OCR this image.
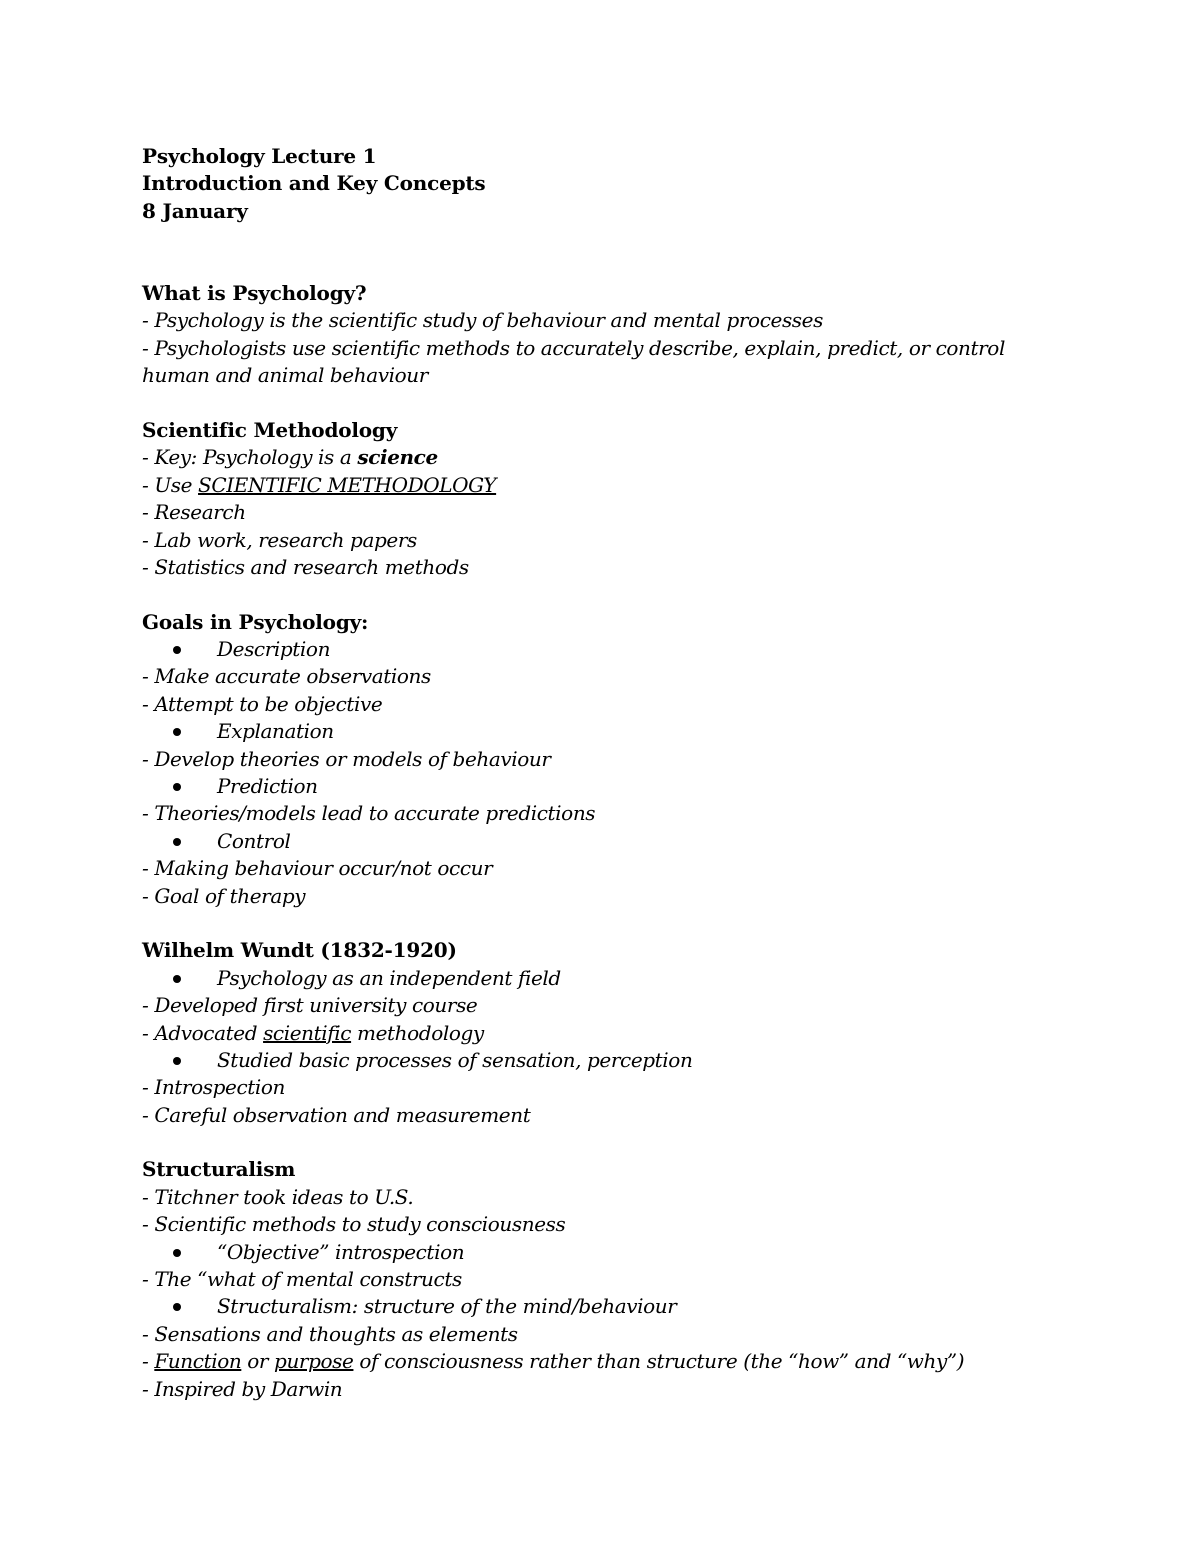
Psychology Lecture 1
Introduction and Key Concepts
8 January
What is Psychology?
- Psychology is the scientific study of behaviour and mental processes
- Psychologists use scientific methods to accurately describe, explain, predict, or control human and animal behaviour
Scientific Methodology
- Key: Psychology is a science
- Use SCIENTIFIC METHODOLOGY
- Research
- Lab work, research papers
- Statistics and research methods
Goals in Psychology:
Description
- Make accurate observations
- Attempt to be objective
Explanation
- Develop theories or models of behaviour
Prediction
- Theories/models lead to accurate predictions
Control
- Making behaviour occur/not occur
- Goal of therapy
Wilhelm Wundt (1832-1920)
Psychology as an independent field
- Developed first university course
- Advocated scientific methodology
Studied basic processes of sensation, perception
- Introspection
- Careful observation and measurement
Structuralism
- Titchner took ideas to U.S.
- Scientific methods to study consciousness
“Objective” introspection
- The “what of mental constructs
Structuralism: structure of the mind/behaviour
- Sensations and thoughts as elements
- Function or purpose of consciousness rather than structure (the “how” and “why”)
- Inspired by Darwin
